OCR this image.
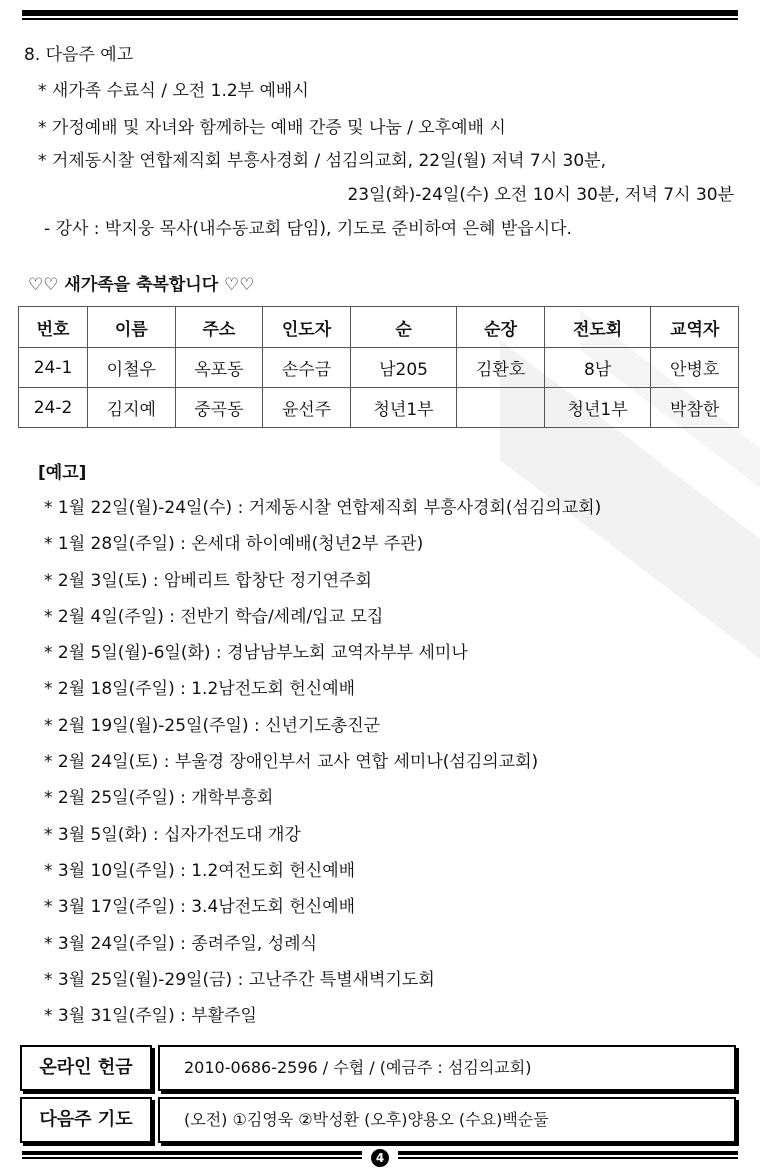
8. 다음주 예고
* 새가족 수료식 / 오전 1.2부 예배시
* 가정예배 및 자녀와 함께하는 예배 간증 및 나눔 / 오후예배 시
* 거제동시찰 연합제직회 부흥사경회 / 섬김의교회, 22일(월) 저녁 7시 30분,
23일(화)-24일(수) 오전 10시 30분, 저녁 7시 30분
- 강사 : 박지웅 목사(내수동교회 담임), 기도로 준비하여 은혜 받읍시다.
♡♡ 새가족을 축복합니다 ♡♡
번호	이름	주소	인도자	순	순장	전도회	교역자
24-1	이철우	옥포동	손수금	남205	김환호	8남	안병호
24-2	김지예	중곡동	윤선주	청년1부		청년1부	박참한
[예고]
* 1월 22일(월)-24일(수) : 거제동시찰 연합제직회 부흥사경회(섬김의교회)
* 1월 28일(주일) : 온세대 하이예배(청년2부 주관)
* 2월 3일(토) : 암베리트 합창단 정기연주회
* 2월 4일(주일) : 전반기 학습/세례/입교 모집
* 2월 5일(월)-6일(화) : 경남남부노회 교역자부부 세미나
* 2월 18일(주일) : 1.2남전도회 헌신예배
* 2월 19일(월)-25일(주일) : 신년기도총진군
* 2월 24일(토) : 부울경 장애인부서 교사 연합 세미나(섬김의교회)
* 2월 25일(주일) : 개학부흥회
* 3월 5일(화) : 십자가전도대 개강
* 3월 10일(주일) : 1.2여전도회 헌신예배
* 3월 17일(주일) : 3.4남전도회 헌신예배
* 3월 24일(주일) : 종려주일, 성례식
* 3월 25일(월)-29일(금) : 고난주간 특별새벽기도회
* 3월 31일(주일) : 부활주일
온라인 헌금	2010-0686-2596 / 수협 / (예금주 : 섬김의교회)
다음주 기도	(오전) ①김영욱 ②박성환 (오후)양용오 (수요)백순둘
4
